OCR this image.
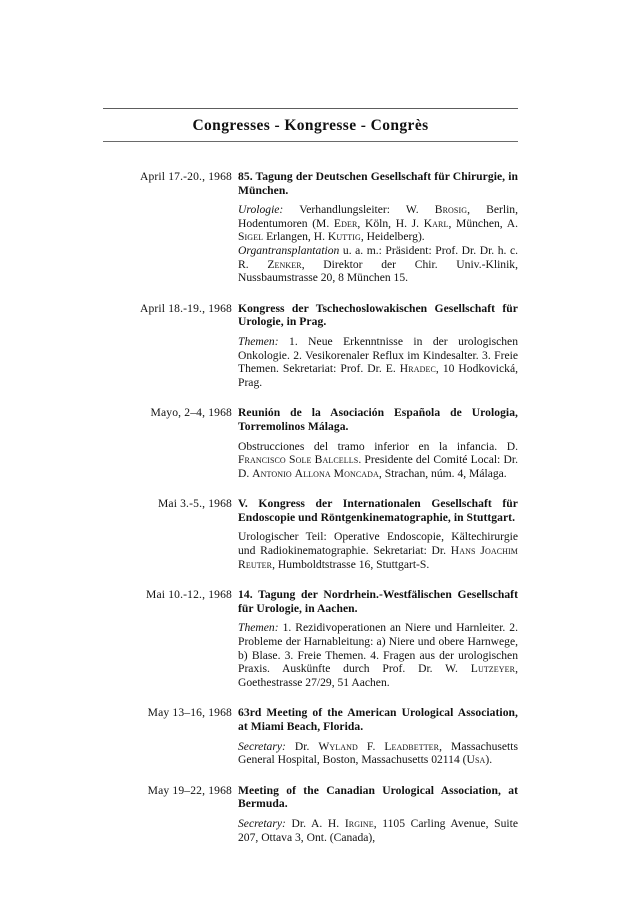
Congresses - Kongresse - Congrès
April 17.-20., 1968 85. Tagung der Deutschen Gesellschaft für Chirurgie, in München.
Urologie: Verhandlungsleiter: W. Brosig, Berlin, Hodentumoren (M. Eder, Köln, H. J. Karl, München, A. Sigel Erlangen, H. Kuttig, Heidelberg).
Organtransplantation u. a. m.: Präsident: Prof. Dr. Dr. h. c. R. Zenker, Direktor der Chir. Univ.-Klinik, Nussbaumstrasse 20, 8 München 15.
April 18.-19., 1968 Kongress der Tschechoslowakischen Gesellschaft für Urologie, in Prag.
Themen: 1. Neue Erkenntnisse in der urologischen Onkologie. 2. Vesikorenaler Reflux im Kindesalter. 3. Freie Themen. Sekretariat: Prof. Dr. E. Hradec, 10 Hodkovická, Prag.
Mayo, 2–4, 1968 Reunión de la Asociación Española de Urologia, Torremolinos Málaga.
Obstrucciones del tramo inferior en la infancia. D. Francisco Sole Balcells. Presidente del Comité Local: Dr. D. Antonio Allona Moncada, Strachan, núm. 4, Málaga.
Mai 3.-5., 1968 V. Kongress der Internationalen Gesellschaft für Endoscopie und Röntgenkinematographie, in Stuttgart.
Urologischer Teil: Operative Endoscopie, Kältechirurgie und Radiokinematographie. Sekretariat: Dr. Hans Joachim Reuter, Humboldtstrasse 16, Stuttgart-S.
Mai 10.-12., 1968 14. Tagung der Nordrhein.-Westfälischen Gesellschaft für Urologie, in Aachen.
Themen: 1. Rezidivoperationen an Niere und Harnleiter. 2. Probleme der Harnableitung: a) Niere und obere Harnwege, b) Blase. 3. Freie Themen. 4. Fragen aus der urologischen Praxis. Auskünfte durch Prof. Dr. W. Lutzeyer, Goethestrasse 27/29, 51 Aachen.
May 13–16, 1968 63rd Meeting of the American Urological Association, at Miami Beach, Florida.
Secretary: Dr. Wyland F. Leadbetter, Massachusetts General Hospital, Boston, Massachusetts 02114 (Usa).
May 19–22, 1968 Meeting of the Canadian Urological Association, at Bermuda.
Secretary: Dr. A. H. Irgine, 1105 Carling Avenue, Suite 207, Ottava 3, Ont. (Canada),
